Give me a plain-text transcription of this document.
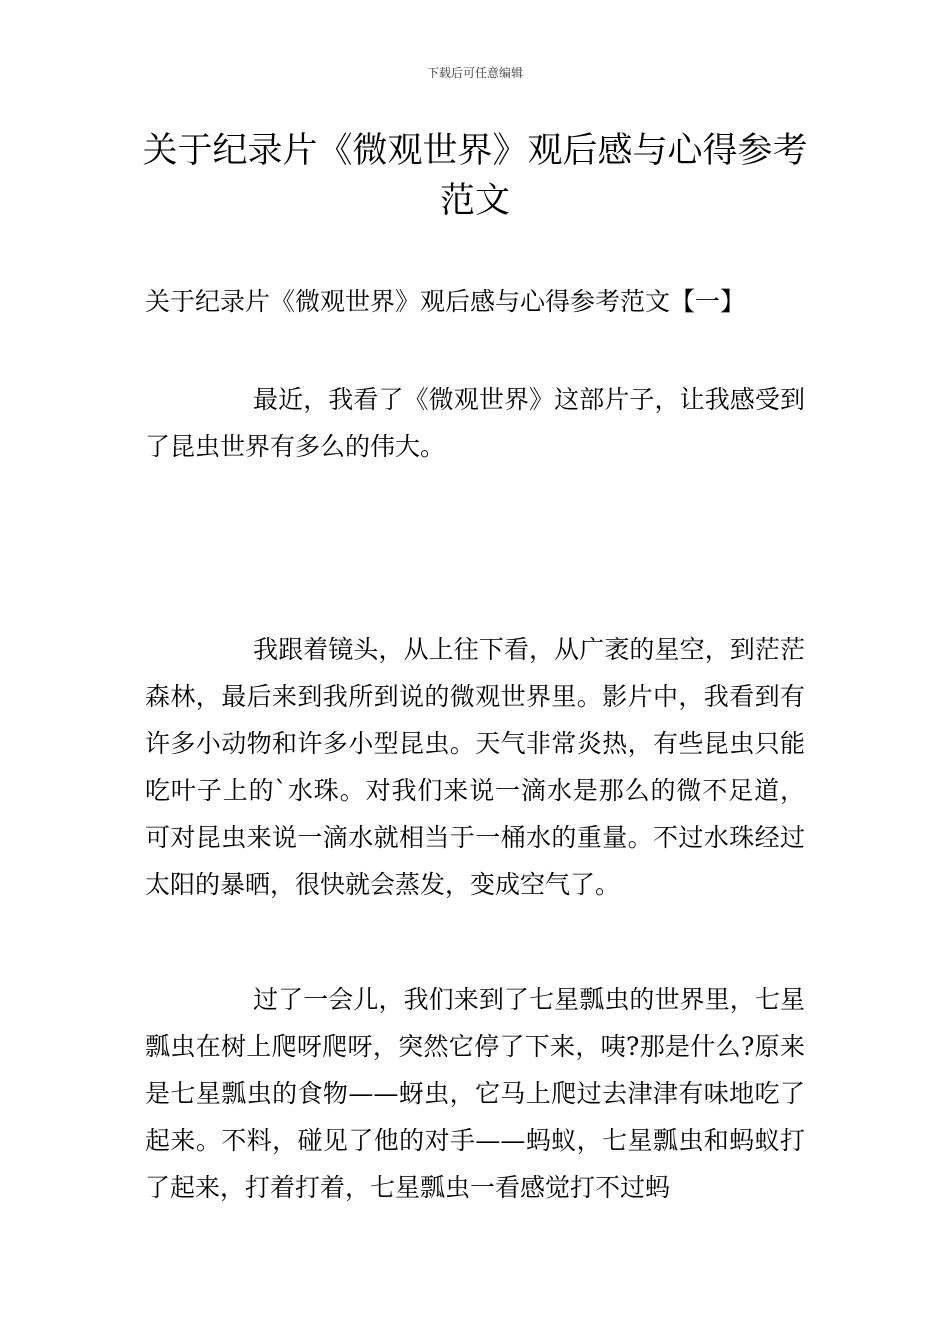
下载后可任意编辑
关于纪录片《微观世界》观后感与心得参考范文

关于纪录片《微观世界》观后感与心得参考范文【一】

最近，我看了《微观世界》这部片子，让我感受到了昆虫世界有多么的伟大。

我跟着镜头，从上往下看，从广袤的星空，到茫茫森林，最后来到我所到说的微观世界里。影片中，我看到有许多小动物和许多小型昆虫。天气非常炎热，有些昆虫只能吃叶子上的`水珠。对我们来说一滴水是那么的微不足道，可对昆虫来说一滴水就相当于一桶水的重量。不过水珠经过太阳的暴晒，很快就会蒸发，变成空气了。

过了一会儿，我们来到了七星瓢虫的世界里，七星瓢虫在树上爬呀爬呀，突然它停了下来，咦?那是什么?原来是七星瓢虫的食物——蚜虫，它马上爬过去津津有味地吃了起来。不料，碰见了他的对手——蚂蚁，七星瓢虫和蚂蚁打了起来，打着打着，七星瓢虫一看感觉打不过蚂
